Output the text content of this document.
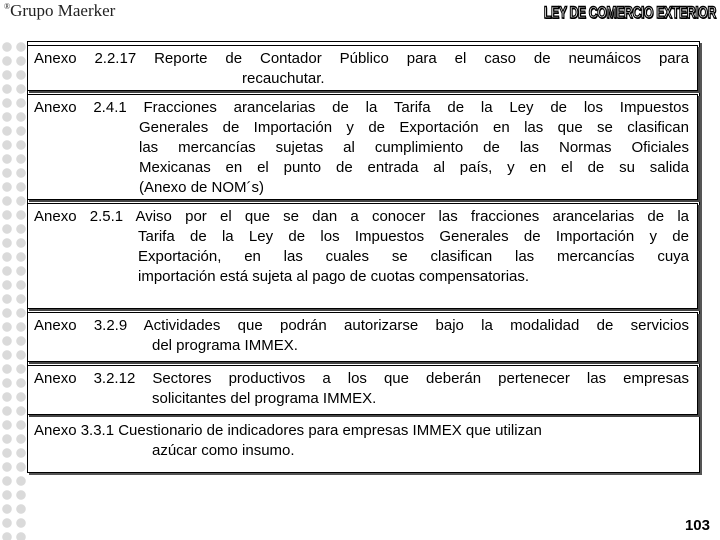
®Grupo Maerker	LEY DE COMERCIO EXTERIOR
Anexo 2.2.17 Reporte de Contador Público para el caso de neumáicos para
recauchutar.
Anexo 2.4.1 Fracciones arancelarias de la Tarifa de la Ley de los Impuestos
Generales de Importación y de Exportación en las que se clasifican
las mercancías sujetas al cumplimiento de las Normas Oficiales
Mexicanas en el punto de entrada al país, y en el de su salida
(Anexo de NOM´s)
Anexo 2.5.1 Aviso por el que se dan a conocer las fracciones arancelarias de la
Tarifa de la Ley de los Impuestos Generales de Importación y de
Exportación, en las cuales se clasifican las mercancías cuya
importación está sujeta al pago de cuotas compensatorias.
Anexo 3.2.9 Actividades que podrán autorizarse bajo la modalidad de servicios
del programa IMMEX.
Anexo 3.2.12 Sectores productivos a los que deberán pertenecer las empresas
solicitantes del programa IMMEX.
Anexo 3.3.1 Cuestionario de indicadores para empresas IMMEX que utilizan
azúcar como insumo.
103
